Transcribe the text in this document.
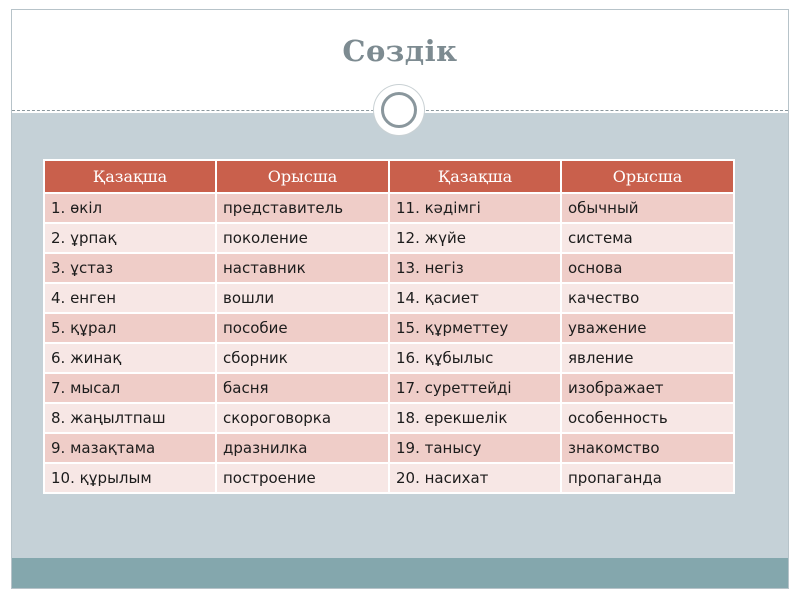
Сөздік
Қазақша	Орысша	Қазақша	Орысша
1. өкіл	представитель	11. кәдімгі	обычный
2. ұрпақ	поколение	12. жүйе	система
3. ұстаз	наставник	13. негіз	основа
4. енген	вошли	14. қасиет	качество
5. құрал	пособие	15. құрметтеу	уважение
6. жинақ	сборник	16. құбылыс	явление
7. мысал	басня	17. суреттейді	изображает
8. жаңылтпаш	скороговорка	18. ерекшелік	особенность
9. мазақтама	дразнилка	19. танысу	знакомство
10. құрылым	построение	20. насихат	пропаганда
